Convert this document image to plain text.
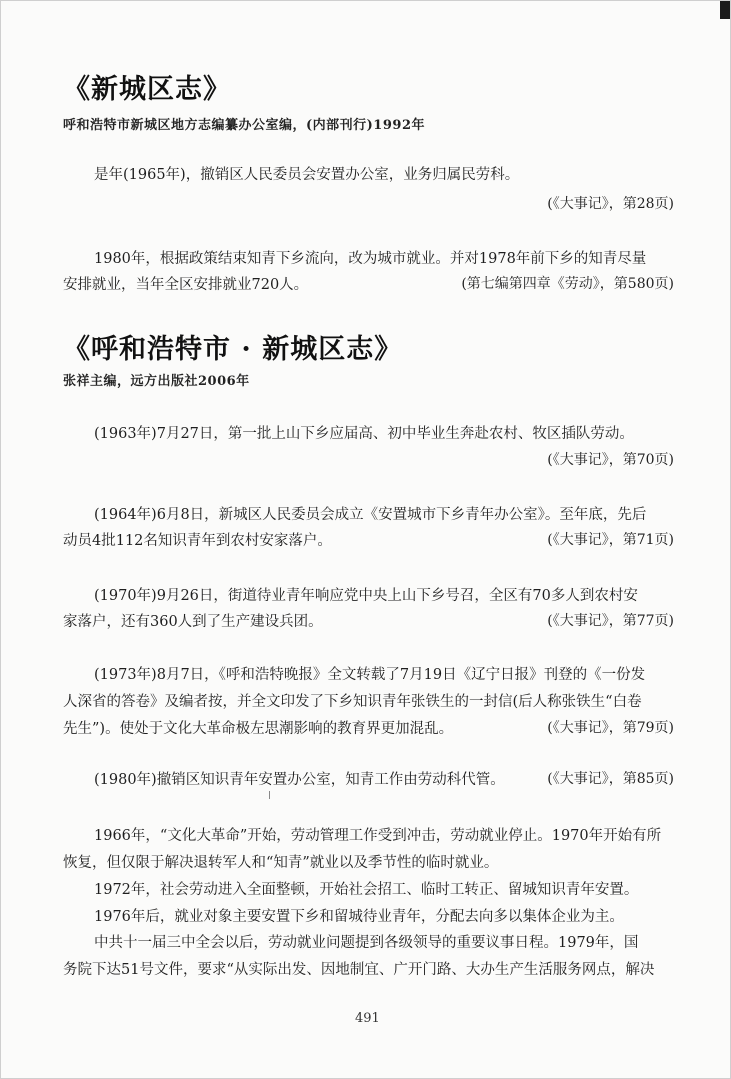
《新城区志》
呼和浩特市新城区地方志编纂办公室编，(内部刊行)1992年
是年(1965年)，撤销区人民委员会安置办公室，业务归属民劳科。
(《大事记》，第28页)
1980年，根据政策结束知青下乡流向，改为城市就业。并对1978年前下乡的知青尽量
安排就业，当年全区安排就业720人。	(第七编第四章《劳动》，第580页)
《呼和浩特市 · 新城区志》
张祥主编，远方出版社2006年
(1963年)7月27日，第一批上山下乡应届高、初中毕业生奔赴农村、牧区插队劳动。
(《大事记》，第70页)
(1964年)6月8日，新城区人民委员会成立《安置城市下乡青年办公室》。至年底，先后
动员4批112名知识青年到农村安家落户。	(《大事记》，第71页)
(1970年)9月26日，街道待业青年响应党中央上山下乡号召，全区有70多人到农村安
家落户，还有360人到了生产建设兵团。	(《大事记》，第77页)
(1973年)8月7日，《呼和浩特晚报》全文转载了7月19日《辽宁日报》刊登的《一份发
人深省的答卷》及编者按，并全文印发了下乡知识青年张铁生的一封信(后人称张铁生“白卷
先生”)。使处于文化大革命极左思潮影响的教育界更加混乱。	(《大事记》，第79页)
(1980年)撤销区知识青年安置办公室，知青工作由劳动科代管。	(《大事记》，第85页)
1966年，“文化大革命”开始，劳动管理工作受到冲击，劳动就业停止。1970年开始有所
恢复，但仅限于解决退转军人和“知青”就业以及季节性的临时就业。
1972年，社会劳动进入全面整顿，开始社会招工、临时工转正、留城知识青年安置。
1976年后，就业对象主要安置下乡和留城待业青年，分配去向多以集体企业为主。
中共十一届三中全会以后，劳动就业问题提到各级领导的重要议事日程。1979年，国
务院下达51号文件，要求“从实际出发、因地制宜、广开门路、大办生产生活服务网点，解决
491
